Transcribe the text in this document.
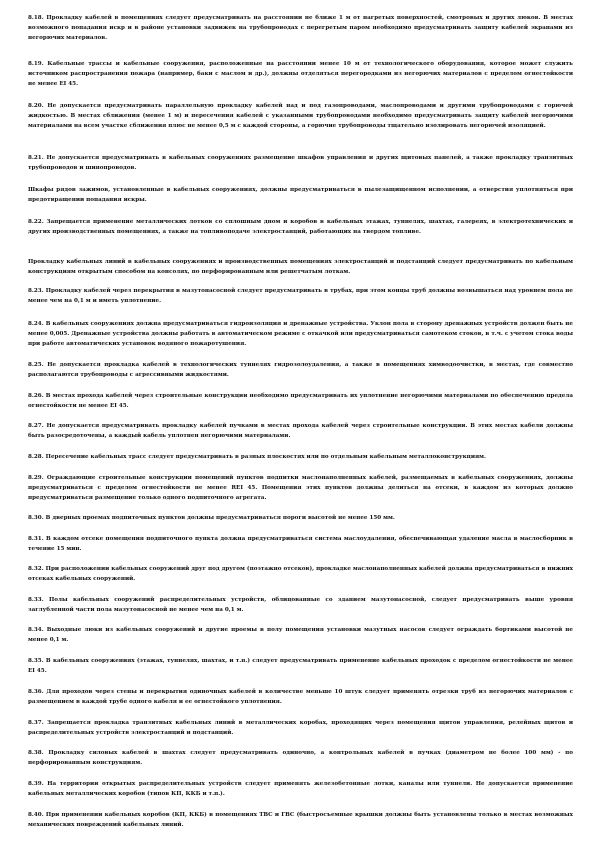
8.18. Прокладку кабелей в помещениях следует предусматривать на расстоянии не ближе 1 м от нагретых поверхностей, смотровых и других люков. В местах возможного попадания искр и в районе установки задвижек на трубопроводах с перегретым паром необходимо предусматривать защиту кабелей экранами из негорючих материалов.

8.19. Кабельные трассы и кабельные сооружения, расположенные на расстоянии менее 10 м от технологического оборудования, которое может служить источником распространения пожара (например, баки с маслом и др.), должны отделяться перегородками из негорючих материалов с пределом огнестойкости не менее EI 45.

8.20. Не допускается предусматривать параллельную прокладку кабелей над и под газопроводами, маслопроводами и другими трубопроводами с горючей жидкостью. В местах сближения (менее 1 м) и пересечения кабелей с указанными трубопроводами необходимо предусматривать защиту кабелей негорючими материалами на всем участке сближения плюс не менее 0,5 м с каждой стороны, а горючие трубопроводы тщательно изолировать негорючей изоляцией.

8.21. Не допускается предусматривать в кабельных сооружениях размещение шкафов управления и других щитовых панелей, а также прокладку транзитных трубопроводов и шинопроводов.

Шкафы рядов зажимов, установленные в кабельных сооружениях, должны предусматриваться в пылезащищенном исполнении, а отверстия уплотняться при предотвращении попадания искры.

8.22. Запрещается применение металлических лотков со сплошным дном и коробов в кабельных этажах, туннелях, шахтах, галереях, в электротехнических и других производственных помещениях, а также на топливоподаче электростанций, работающих на твердом топливе.

Прокладку кабельных линий в кабельных сооружениях и производственных помещениях электростанций и подстанций следует предусматривать по кабельным конструкциям открытым способом на консолях, по перфорированным или решетчатым лоткам.

8.23. Прокладку кабелей через перекрытия в мазутонасосной следует предусматривать в трубах, при этом концы труб должны возвышаться над уровнем пола не менее чем на 0,1 м и иметь уплотнение.

8.24. В кабельных сооружениях должна предусматриваться гидроизоляция и дренажные устройства. Уклон пола в сторону дренажных устройств должен быть не менее 0,005. Дренажные устройства должны работать в автоматическом режиме с откачкой или предусматриваться самотеком стоков, в т.ч. с учетом стока воды при работе автоматических установок водяного пожаротушения.

8.25. Не допускается прокладка кабелей в технологических туннелях гидрозолоудаления, а также в помещениях химводоочистки, в местах, где совместно располагаются трубопроводы с агрессивными жидкостями.

8.26. В местах прохода кабелей через строительные конструкции необходимо предусматривать их уплотнение негорючими материалами по обеспечению предела огнестойкости не менее EI 45.

8.27. Не допускается предусматривать прокладку кабелей пучками в местах прохода кабелей через строительные конструкции. В этих местах кабели должны быть разосредоточены, а каждый кабель уплотнен негорючими материалами.

8.28. Пересечение кабельных трасс следует предусматривать в разных плоскостях или по отдельным кабельным металлоконструкциям.

8.29. Ограждающие строительные конструкции помещений пунктов подпитки маслонаполненных кабелей, размещаемых в кабельных сооружениях, должны предусматриваться с пределом огнестойкости не менее REI 45. Помещения этих пунктов должны делиться на отсеки, в каждом из которых должно предусматриваться размещение только одного подпиточного агрегата.

8.30. В дверных проемах подпиточных пунктов должны предусматриваться пороги высотой не менее 150 мм.

8.31. В каждом отсеке помещения подпиточного пункта должна предусматриваться система маслоудаления, обеспечивающая удаление масла в маслосборник в течение 15 мин.

8.32. При расположении кабельных сооружений друг под другом (поэтажно отсеков), прокладке маслонаполненных кабелей должна предусматриваться в нижних отсеках кабельных сооружений.

8.33. Полы кабельных сооружений распределительных устройств, облицованные со зданием мазутонасосной, следует предусматривать выше уровня заглубленной части пола мазутонасосной не менее чем на 0,1 м.

8.34. Выходные люки из кабельных сооружений и другие проемы в полу помещения установки мазутных насосов следует ограждать бортиками высотой не менее 0,1 м.

8.35. В кабельных сооружениях (этажах, туннелях, шахтах, и т.п.) следует предусматривать применение кабельных проходок с пределом огнестойкости не менее EI 45.

8.36. Для проходов через стены и перекрытия одиночных кабелей в количестве меньше 10 штук следует применять отрезки труб из негорючих материалов с размещением в каждой трубе одного кабеля и ее огнестойкого уплотнения.

8.37. Запрещается прокладка транзитных кабельных линий в металлических коробах, проходящих через помещения щитов управления, релейных щитов и распределительных устройств электростанций и подстанций.

8.38. Прокладку силовых кабелей в шахтах следует предусматривать одиночно, а контрольных кабелей в пучках (диаметром не более 100 мм) - по перфорированным конструкциям.

8.39. На территории открытых распределительных устройств следует применять железобетонные лотки, каналы или туннели. Не допускается применение кабельных металлических коробов (типов КП, ККБ и т.п.).

8.40. При применении кабельных коробов (КП, ККБ) в помещениях ТВС и ГВС (быстросъемные крышки должны быть установлены только в местах возможных механических повреждений кабельных линий.
